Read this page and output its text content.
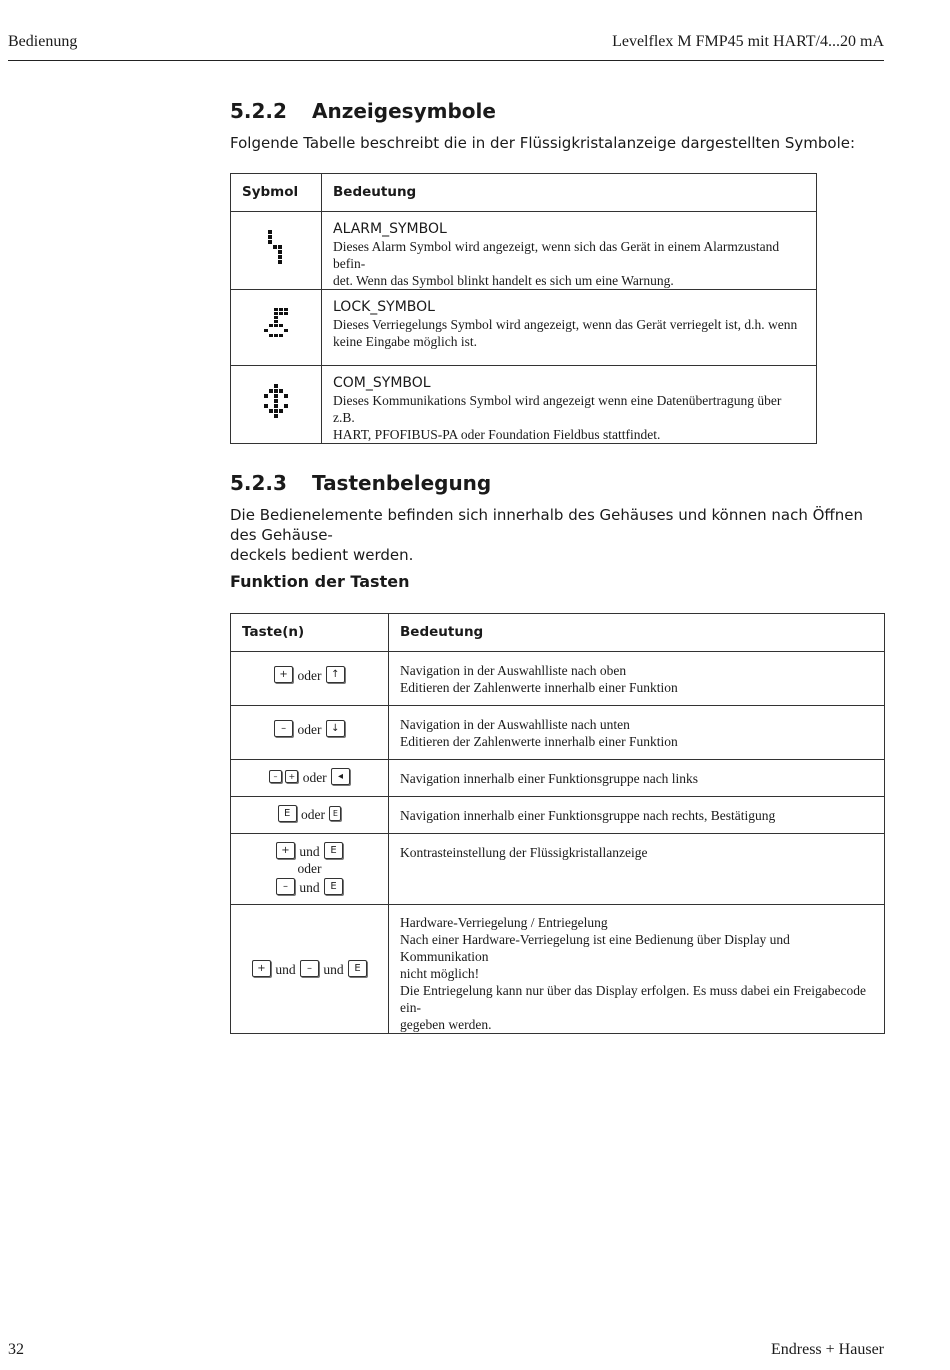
Bedienung	Levelflex M FMP45 mit HART/4...20 mA
5.2.2 Anzeigesymbole

Folgende Tabelle beschreibt die in der Flüssigkristalanzeige dargestellten Symbole:

Sybmol	Bedeutung

ALARM_SYMBOL
Dieses Alarm Symbol wird angezeigt, wenn sich das Gerät in einem Alarmzustand befin-
det. Wenn das Symbol blinkt handelt es sich um eine Warnung.

LOCK_SYMBOL
Dieses Verriegelungs Symbol wird angezeigt, wenn das Gerät verriegelt ist, d.h. wenn
keine Eingabe möglich ist.

COM_SYMBOL
Dieses Kommunikations Symbol wird angezeigt wenn eine Datenübertragung über z.B.
HART, PFOFIBUS-PA oder Foundation Fieldbus stattfindet.
5.2.3 Tastenbelegung
Die Bedienelemente befinden sich innerhalb des Gehäuses und können nach Öffnen des Gehäuse-
deckels bedient werden.
Funktion der Tasten
Taste(n)	Bedeutung
+ oder ↑	Navigation in der Auswahlliste nach oben
Editieren der Zahlenwerte innerhalb einer Funktion

– oder ↓	Navigation in der Auswahlliste nach unten
Editieren der Zahlenwerte innerhalb einer Funktion

– + oder ◂	Navigation innerhalb einer Funktionsgruppe nach links
E oder E	Navigation innerhalb einer Funktionsgruppe nach rechts, Bestätigung

+ und E
oder
– und E	Kontrasteinstellung der Flüssigkristallanzeige
+ und – und E	Hardware-Verriegelung / Entriegelung
Nach einer Hardware-Verriegelung ist eine Bedienung über Display und Kommunikation
nicht möglich!
Die Entriegelung kann nur über das Display erfolgen. Es muss dabei ein Freigabecode ein-
gegeben werden.
32	Endress + Hauser
